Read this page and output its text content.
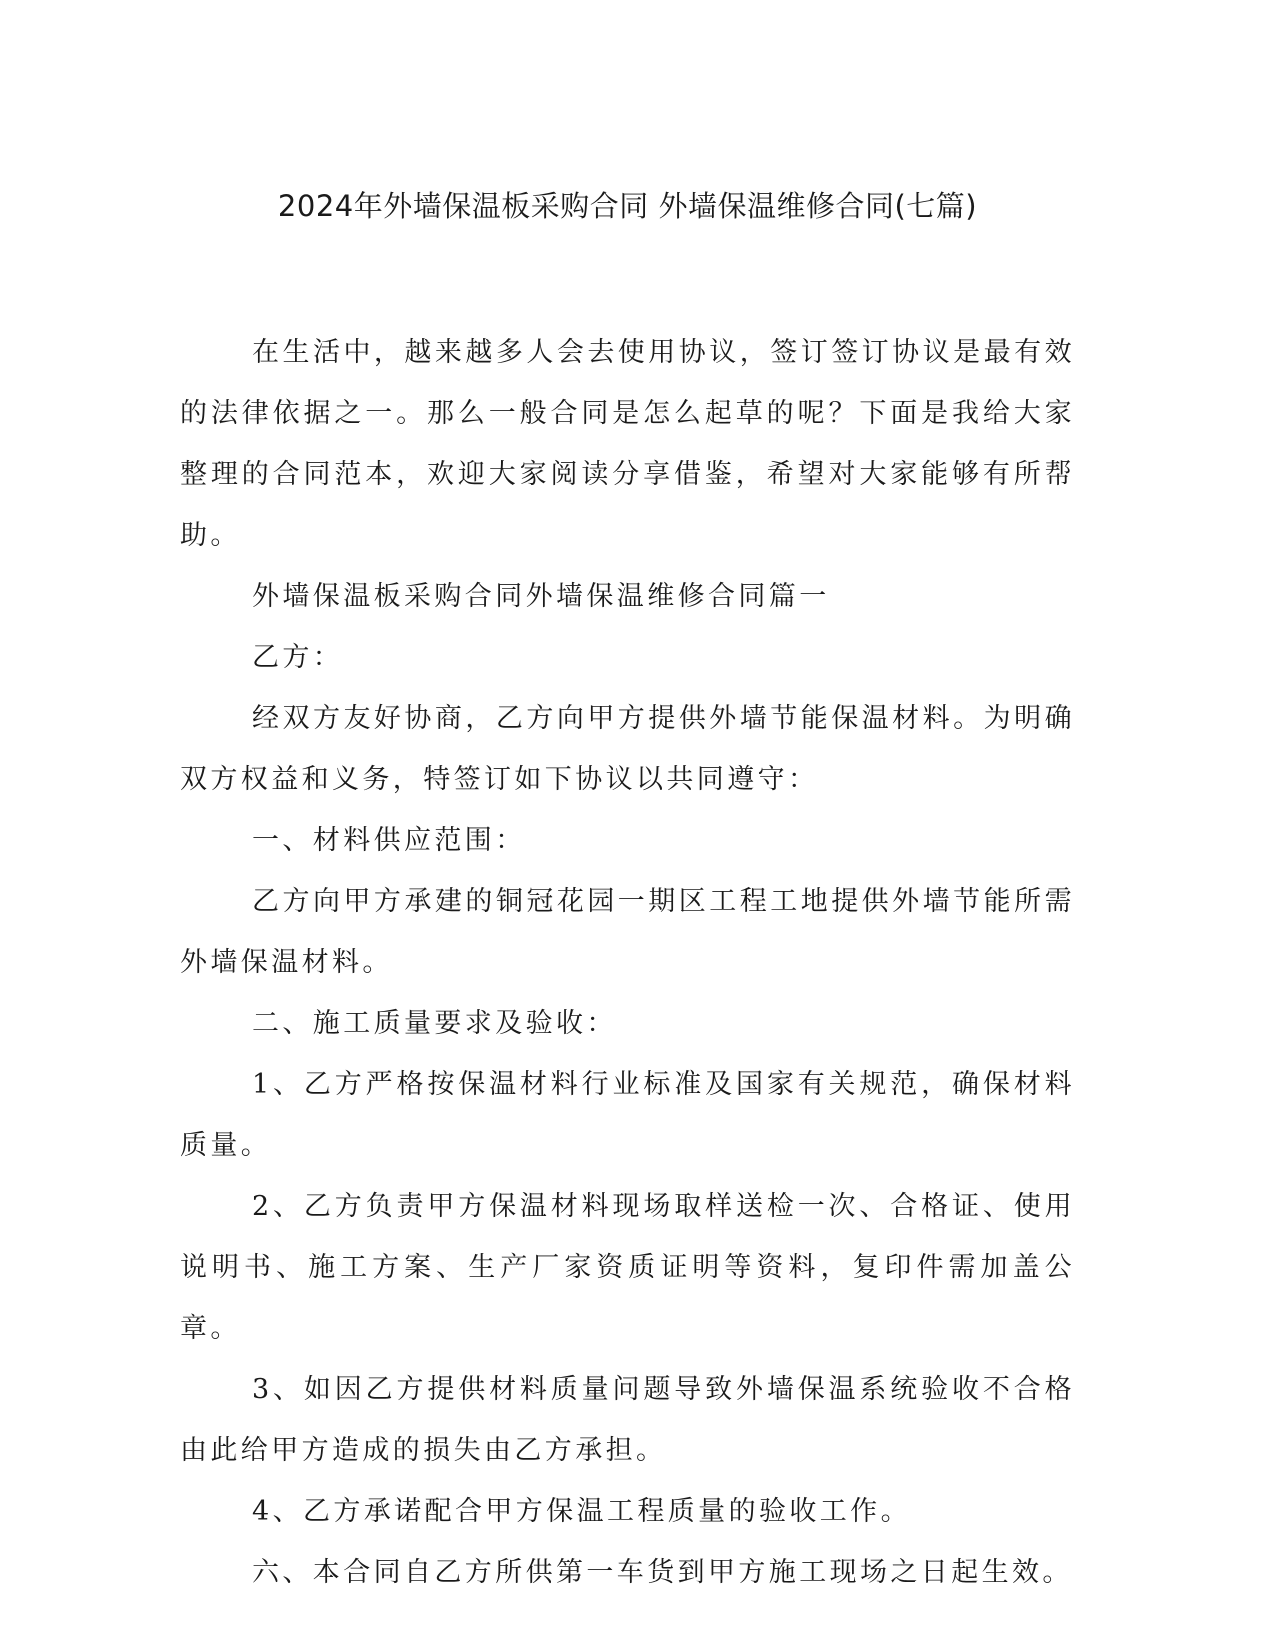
2024年外墙保温板采购合同 外墙保温维修合同(七篇)

在生活中，越来越多人会去使用协议，签订签订协议是最有效的法律依据之一。那么一般合同是怎么起草的呢？下面是我给大家整理的合同范本，欢迎大家阅读分享借鉴，希望对大家能够有所帮助。

外墙保温板采购合同外墙保温维修合同篇一

乙方：

经双方友好协商，乙方向甲方提供外墙节能保温材料。为明确双方权益和义务，特签订如下协议以共同遵守：

一、材料供应范围：

乙方向甲方承建的铜冠花园一期区工程工地提供外墙节能所需外墙保温材料。

二、施工质量要求及验收：

1、乙方严格按保温材料行业标准及国家有关规范，确保材料质量。

2、乙方负责甲方保温材料现场取样送检一次、合格证、使用说明书、施工方案、生产厂家资质证明等资料，复印件需加盖公章。

3、如因乙方提供材料质量问题导致外墙保温系统验收不合格由此给甲方造成的损失由乙方承担。

4、乙方承诺配合甲方保温工程质量的验收工作。

六、本合同自乙方所供第一车货到甲方施工现场之日起生效。
